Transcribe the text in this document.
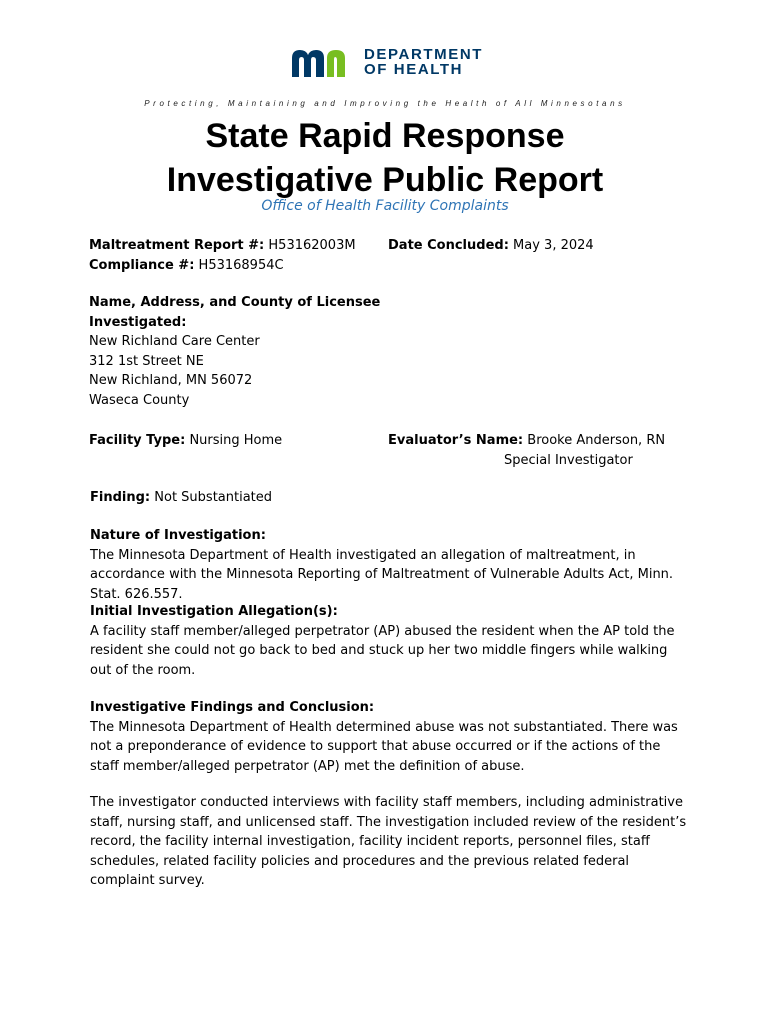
DEPARTMENT
OF HEALTH
Protecting, Maintaining and Improving the Health of All Minnesotans
State Rapid Response
Investigative Public Report
Office of Health Facility Complaints
Maltreatment Report #: H53162003M
Compliance #: H53168954C
Date Concluded: May 3, 2024
Name, Address, and County of Licensee
Investigated:
New Richland Care Center
312 1st Street NE
New Richland, MN 56072
Waseca County
Facility Type: Nursing Home	Evaluator’s Name: Brooke Anderson, RN
Special Investigator
Finding: Not Substantiated
Nature of Investigation:
The Minnesota Department of Health investigated an allegation of maltreatment, in accordance with the Minnesota Reporting of Maltreatment of Vulnerable Adults Act, Minn. Stat. 626.557.
Initial Investigation Allegation(s):
A facility staff member/alleged perpetrator (AP) abused the resident when the AP told the resident she could not go back to bed and stuck up her two middle fingers while walking out of the room.
Investigative Findings and Conclusion:
The Minnesota Department of Health determined abuse was not substantiated. There was not a preponderance of evidence to support that abuse occurred or if the actions of the staff member/alleged perpetrator (AP) met the definition of abuse.
The investigator conducted interviews with facility staff members, including administrative staff, nursing staff, and unlicensed staff. The investigation included review of the resident’s record, the facility internal investigation, facility incident reports, personnel files, staff schedules, related facility policies and procedures and the previous related federal complaint survey.
